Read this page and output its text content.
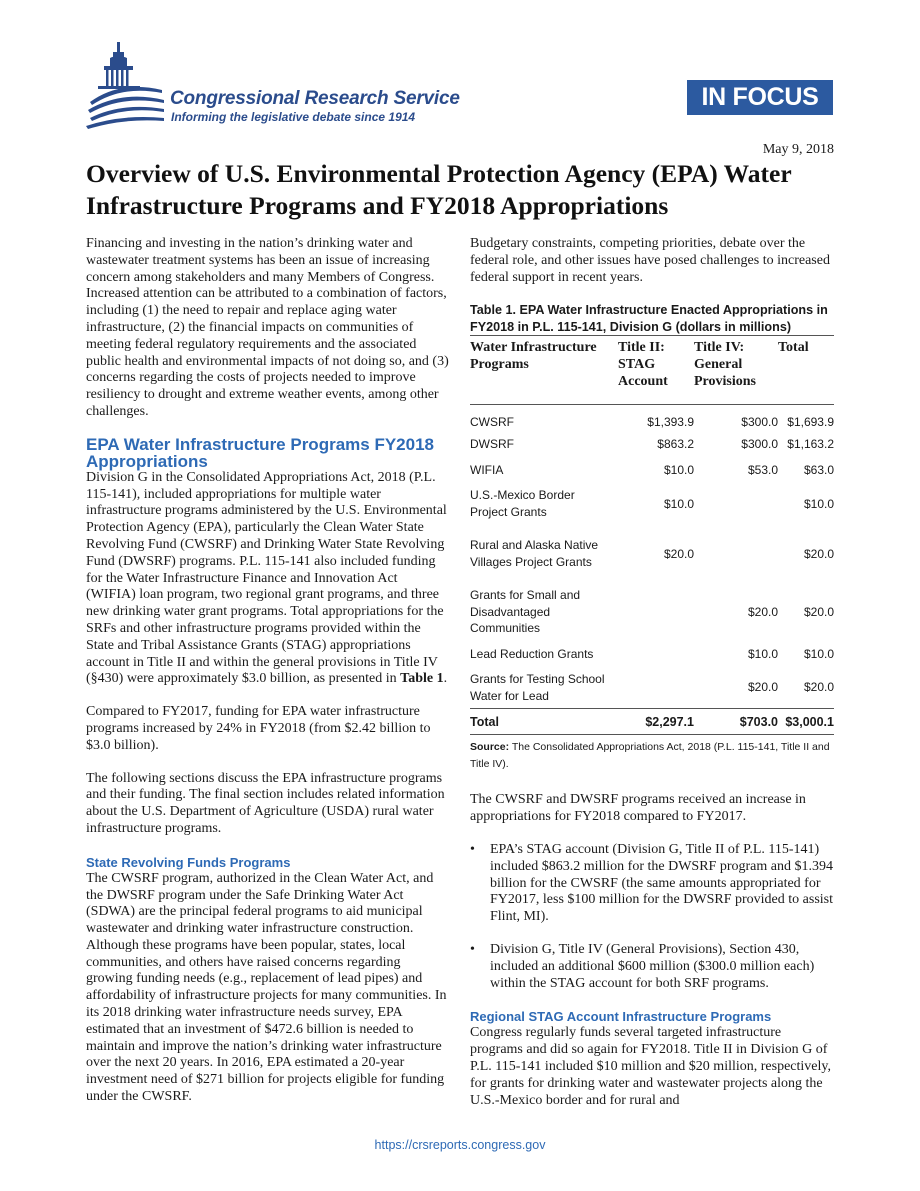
Congressional Research Service
Informing the legislative debate since 1914
IN FOCUS
May 9, 2018
Overview of U.S. Environmental Protection Agency (EPA) Water Infrastructure Programs and FY2018 Appropriations

Financing and investing in the nation’s drinking water and wastewater treatment systems has been an issue of increasing concern among stakeholders and many Members of Congress. Increased attention can be attributed to a combination of factors, including (1) the need to repair and replace aging water infrastructure, (2) the financial impacts on communities of meeting federal regulatory requirements and the associated public health and environmental impacts of not doing so, and (3) concerns regarding the costs of projects needed to improve resiliency to drought and extreme weather events, among other challenges.

EPA Water Infrastructure Programs FY2018 Appropriations

Division G in the Consolidated Appropriations Act, 2018 (P.L. 115-141), included appropriations for multiple water infrastructure programs administered by the U.S. Environmental Protection Agency (EPA), particularly the Clean Water State Revolving Fund (CWSRF) and Drinking Water State Revolving Fund (DWSRF) programs. P.L. 115-141 also included funding for the Water Infrastructure Finance and Innovation Act (WIFIA) loan program, two regional grant programs, and three new drinking water grant programs. Total appropriations for the SRFs and other infrastructure programs provided within the State and Tribal Assistance Grants (STAG) appropriations account in Title II and within the general provisions in Title IV (§430) were approximately $3.0 billion, as presented in Table 1.

Compared to FY2017, funding for EPA water infrastructure programs increased by 24% in FY2018 (from $2.42 billion to $3.0 billion).

The following sections discuss the EPA infrastructure programs and their funding. The final section includes related information about the U.S. Department of Agriculture (USDA) rural water infrastructure programs.

State Revolving Funds Programs

The CWSRF program, authorized in the Clean Water Act, and the DWSRF program under the Safe Drinking Water Act (SDWA) are the principal federal programs to aid municipal wastewater and drinking water infrastructure construction. Although these programs have been popular, states, local communities, and others have raised concerns regarding growing funding needs (e.g., replacement of lead pipes) and affordability of infrastructure projects for many communities. In its 2018 drinking water infrastructure needs survey, EPA estimated that an investment of $472.6 billion is needed to maintain and improve the nation’s drinking water infrastructure over the next 20 years. In 2016, EPA estimated a 20-year investment need of $271 billion for projects eligible for funding under the CWSRF.

Budgetary constraints, competing priorities, debate over the federal role, and other issues have posed challenges to increased federal support in recent years.

Table 1. EPA Water Infrastructure Enacted Appropriations in FY2018 in P.L. 115-141, Division G (dollars in millions)
Water Infrastructure Programs	Title II: STAG Account	Title IV: General Provisions	Total
CWSRF	$1,393.9	$300.0	$1,693.9
DWSRF	$863.2	$300.0	$1,163.2
WIFIA	$10.0	$53.0	$63.0
U.S.-Mexico Border Project Grants	$10.0		$10.0
Rural and Alaska Native Villages Project Grants	$20.0		$20.0
Grants for Small and Disadvantaged Communities		$20.0	$20.0
Lead Reduction Grants		$10.0	$10.0
Grants for Testing School Water for Lead		$20.0	$20.0
Total	$2,297.1	$703.0	$3,000.1

Source: The Consolidated Appropriations Act, 2018 (P.L. 115-141, Title II and Title IV).

The CWSRF and DWSRF programs received an increase in appropriations for FY2018 compared to FY2017.

• EPA’s STAG account (Division G, Title II of P.L. 115-141) included $863.2 million for the DWSRF program and $1.394 billion for the CWSRF (the same amounts appropriated for FY2017, less $100 million for the DWSRF provided to assist Flint, MI).
• Division G, Title IV (General Provisions), Section 430, included an additional $600 million ($300.0 million each) within the STAG account for both SRF programs.
Regional STAG Account Infrastructure Programs

Congress regularly funds several targeted infrastructure programs and did so again for FY2018. Title II in Division G of P.L. 115-141 included $10 million and $20 million, respectively, for grants for drinking water and wastewater projects along the U.S.-Mexico border and for rural and

https://crsreports.congress.gov
